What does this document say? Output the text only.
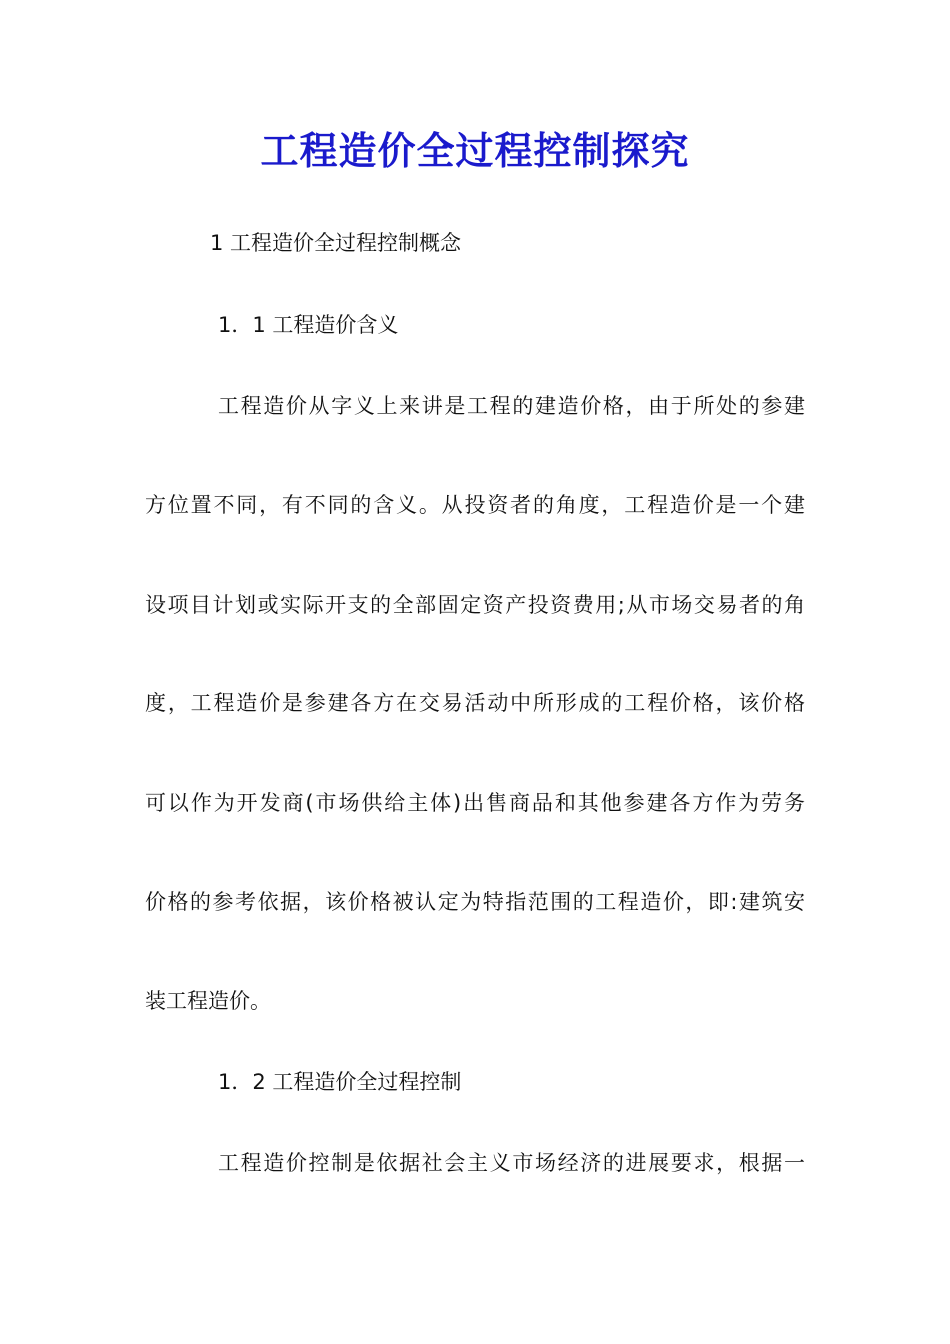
工程造价全过程控制探究
1 工程造价全过程控制概念
1．1 工程造价含义
工程造价从字义上来讲是工程的建造价格，由于所处的参建
方位置不同，有不同的含义。从投资者的角度，工程造价是一个建
设项目计划或实际开支的全部固定资产投资费用;从市场交易者的角
度，工程造价是参建各方在交易活动中所形成的工程价格，该价格
可以作为开发商(市场供给主体)出售商品和其他参建各方作为劳务
价格的参考依据，该价格被认定为特指范围的工程造价，即:建筑安
装工程造价。
1．2 工程造价全过程控制
工程造价控制是依据社会主义市场经济的进展要求，根据一
